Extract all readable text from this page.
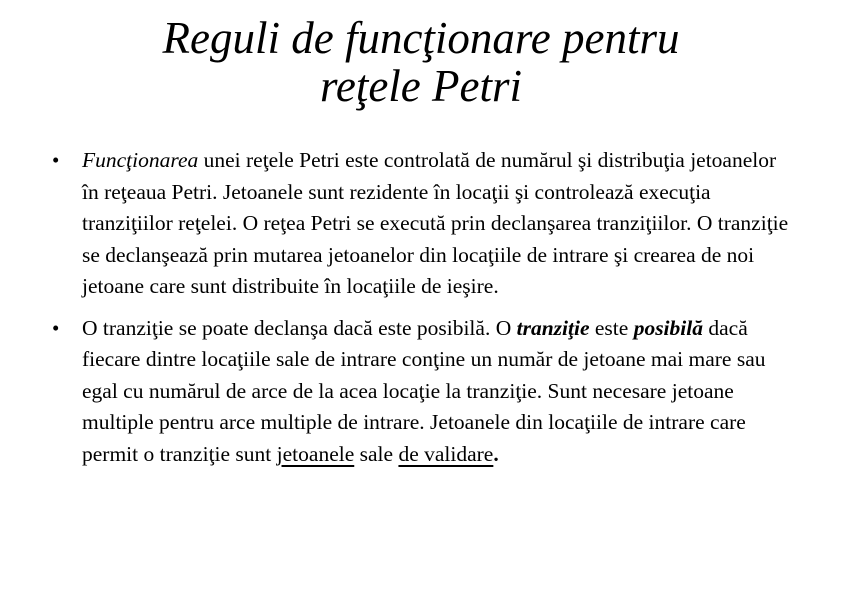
Reguli de funcţionare pentru
reţele Petri
• Funcţionarea unei reţele Petri este controlată de numărul şi distribuţia jetoanelor în reţeaua Petri. Jetoanele sunt rezidente în locaţii şi controlează execuţia tranziţiilor reţelei. O reţea Petri se execută prin declanşarea tranziţiilor. O tranziţie se declanşează prin mutarea jetoanelor din locaţiile de intrare şi crearea de noi jetoane care sunt distribuite în locaţiile de ieşire.
• O tranziţie se poate declanşa dacă este posibilă. O tranziţie este posibilă dacă fiecare dintre locaţiile sale de intrare conţine un număr de jetoane mai mare sau egal cu numărul de arce de la acea locaţie la tranziţie. Sunt necesare jetoane multiple pentru arce multiple de intrare. Jetoanele din locaţiile de intrare care permit o tranziţie sunt jetoanele sale de validare.
